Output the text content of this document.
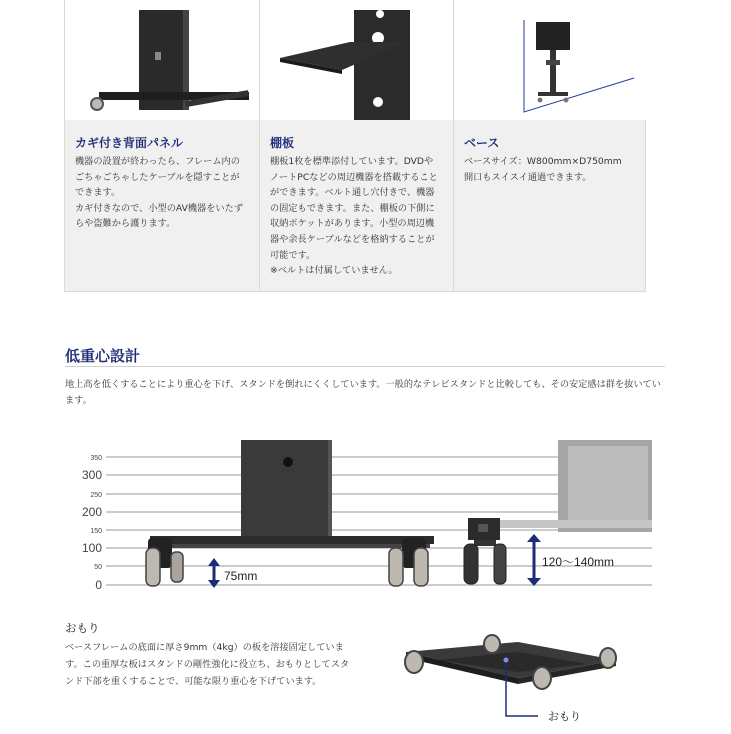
カギ付き背面パネル

機器の設置が終わったら、フレーム内の
ごちゃごちゃしたケーブルを隠すことが
できます。
カギ付きなので、小型のAV機器をいたず
らや盗難から護ります。

棚板

棚板1枚を標準添付しています。DVDや
ノートPCなどの周辺機器を搭載すること
ができます。ベルト通し穴付きで、機器
の固定もできます。また、棚板の下側に
収納ポケットがあります。小型の周辺機
器や余長ケーブルなどを格納することが
可能です。
※ベルトは付属していません。

ベース

ベースサイズ：W800mm×D750mm
開口もスイスイ通過できます。

低重心設計
地上高を低くすることにより重心を下げ、スタンドを倒れにくくしています。一般的なテレビスタンドと比較しても、その安定感は群を抜いています。
350
300
250
200
150
100
50
0
75mm
120〜140mm
おもり
ベースフレームの底面に厚さ9mm（4kg）の板を溶接固定していま
す。この重厚な板はスタンドの剛性強化に役立ち、おもりとしてスタ
ンド下部を重くすることで、可能な限り重心を下げています。
おもり
